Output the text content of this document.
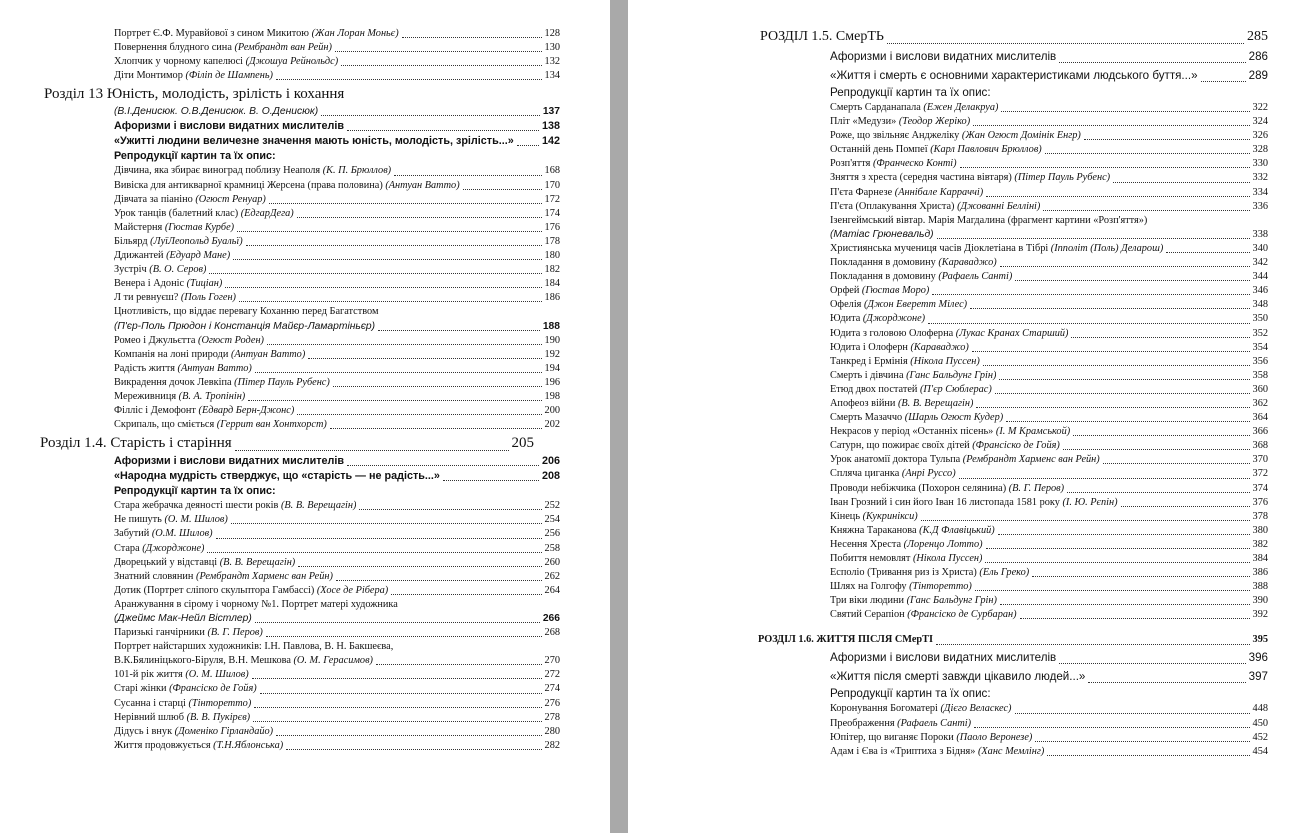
Портрет Є.Ф. Муравйової з сином Микитою (Жан Лоран Моньє)	128
Повернення блудного сина (Рембрандт ван Рейн)	130
Хлопчик у чорному капелюсі (Джошуа Рейнольдс)	132
Діти Монтимор (Філіп де Шампень)	134
Розділ 13 Юність, молодість, зрілість і кохання
(В.І.Денисюк. О.В.Денисюк. В. О.Денисюк)	137
Афоризми і вислови видатних мислителів	138
«Ужитті людини величезне значення мають юність, молодість, зрілість...»	142
Репродукції картин та їх опис:
Дівчина, яка збирає виноград поблизу Неаполя (К. П. Брюллов)	168
Вивіска для антикварної крамниці Жерсена (права половина) (Антуан Ватто)	170
Дівчата за піаніно (Огюст Ренуар)	172
Урок танців (балетний клас) (ЕдгарДега)	174
Майстерня (Гюстав Курбе)	176
Більярд (ЛуїЛеопольд Буальї)	178
Ддижантей (Едуард Мане)	180
Зустріч (В. О. Серов)	182
Венера і Адоніс (Тиціан)	184
Л ти ревнуєш? (Поль Гоген)	186
Цнотливість, що віддає перевагу Коханню перед Багатством
(П'єр-Поль Прюдон і Констанція Майєр-Ламартіньєр)	188
Ромео і Джульєтта (Огюст Роден)	190
Компанія на лоні природи (Антуан Ватто)	192
Радість життя (Антуан Ватто)	194
Викрадення дочок Левкіпа (Пітер Пауль Рубенс)	196
Мереживниця (В. А. Тропінін)	198
Філліс і Демофонт (Едвард Берн-Джонс)	200
Скрипаль, що сміється (Геррит ван Хонтхорст)	202
Розділ 1.4. Старість і старіння	205
Афоризми і вислови видатних мислителів	206
«Народна мудрість стверджує, що «старість — не радість...»	208
Репродукції картин та їх опис:
Стара жебрачка деяності шести років (В. В. Верещагін)	252
Не пишуть (О. М. Шилов)	254
Забутий (О.М. Шилов)	256
Стара (Джорджоне)	258
Дворецький у відставці (В. В. Верещагін)	260
Знатний словянин (Рембрандт Харменс ван Рейн)	262
Дотик (Портрет сліпого скульптора Гамбассі) (Хосе де Рібера)	264
Аранжування в сірому і чорному №1. Портрет матері художника
(Джеймс Мак-Нейл Вістлер)	266
Паризькі ганчірники (В. Г. Перов)	268
Портрет найстарших художників: І.Н. Павлова, В. Н. Бакшеєва,
В.К.Бялиніцького-Біруля, В.Н. Мешкова (О. М. Герасимов)	270
101-й рік життя (О. М. Шилов)	272
Старі жінки (Франсіско де Гойя)	274
Сусанна і старці (Тінторетто)	276
Нерівний шлюб (В. В. Пукірєв)	278
Дідусь і внук (Доменіко Гірландайо)	280
Життя продовжується (Т.Н.Яблонська)	282
РОЗДІЛ 1.5. СмерТЬ	285
Афоризми і вислови видатних мислителів	286
«Життя і смерть є основними характеристиками людського буття...»	289
Репродукції картин та їх опис:
Смерть Сарданапала (Ежен Делакруа)	322
Пліт «Медузи» (Теодор Жеріко)	324
Роже, що звільняє Анджеліку (Жан Огюст Домінік Енгр)	326
Останній день Помпеї (Карл Павлович Брюллов)	328
Розп'яття (Франческо Конті)	330
Зняття з хреста (середня частина вівтаря) (Пітер Пауль Рубенс)	332
П'єта Фарнезе (Аннібале Карраччі)	334
П'єта (Оплакування Христа) (Джованні Белліні)	336
Ізенгеймський вівтар. Марія Магдалина (фрагмент картини «Розп'яття»)
(Матіас Грюневальд)	338
Християнська мучениця часів Діоклетіана в Тібрі (Іпполіт (Поль) Деларош)	340
Покладання в домовину (Караваджо)	342
Покладання в домовину (Рафаель Санті)	344
Орфей (Гюстав Моро)	346
Офелія (Джон Еверетт Мілес)	348
Юдита (Джорджоне)	350
Юдита з головою Олоферна (Лукас Кранах Старший)	352
Юдита і Олоферн (Караваджо)	354
Танкред і Ермінія (Нікола Пуссен)	356
Смерть і дівчина (Ганс Бальдунг Грін)	358
Етюд двох постатей (П'єр Сюблерас)	360
Апофеоз війни (В. В. Верещагін)	362
Смерть Мазаччо (Шарль Огюст Кудер)	364
Некрасов у період «Останніх пісень» (І. М Крамськой)	366
Сатурн, що пожирає своїх дітей (Франсіско де Гойя)	368
Урок анатомії доктора Тульпа (Рембрандт Харменс ван Рейн)	370
Спляча циганка (Анрі Руссо)	372
Проводи небіжчика (Похорон селянина) (В. Г. Перов)	374
Іван Грозний і син його Іван 16 листопада 1581 року (І. Ю. Рєпін)	376
Кінець (Кукринікси)	378
Княжна Тараканова (К.Д Флавіцький)	380
Несення Хреста (Лоренцо Лотто)	382
Побиття немовлят (Нікола Пуссен)	384
Есполіо (Тривання риз із Христа) (Ель Греко)	386
Шлях на Голгофу (Тінторетто)	388
Три віки людини (Ганс Бальдунг Грін)	390
Святий Серапіон (Франсіско де Сурбаран)	392
РОЗДІЛ 1.6. ЖИТТЯ ПІСЛЯ СМерТІ	395
Афоризми і вислови видатних мислителів	396
«Життя після смерті завжди цікавило людей...»	397
Репродукції картин та їх опис:
Коронування Богоматері (Дієго Веласкес)	448
Преображення (Рафаель Санті)	450
Юпітер, що виганяє Пороки (Паоло Веронезе)	452
Адам і Єва із «Триптиха з Бідня» (Ханс Мемлінг)	454
